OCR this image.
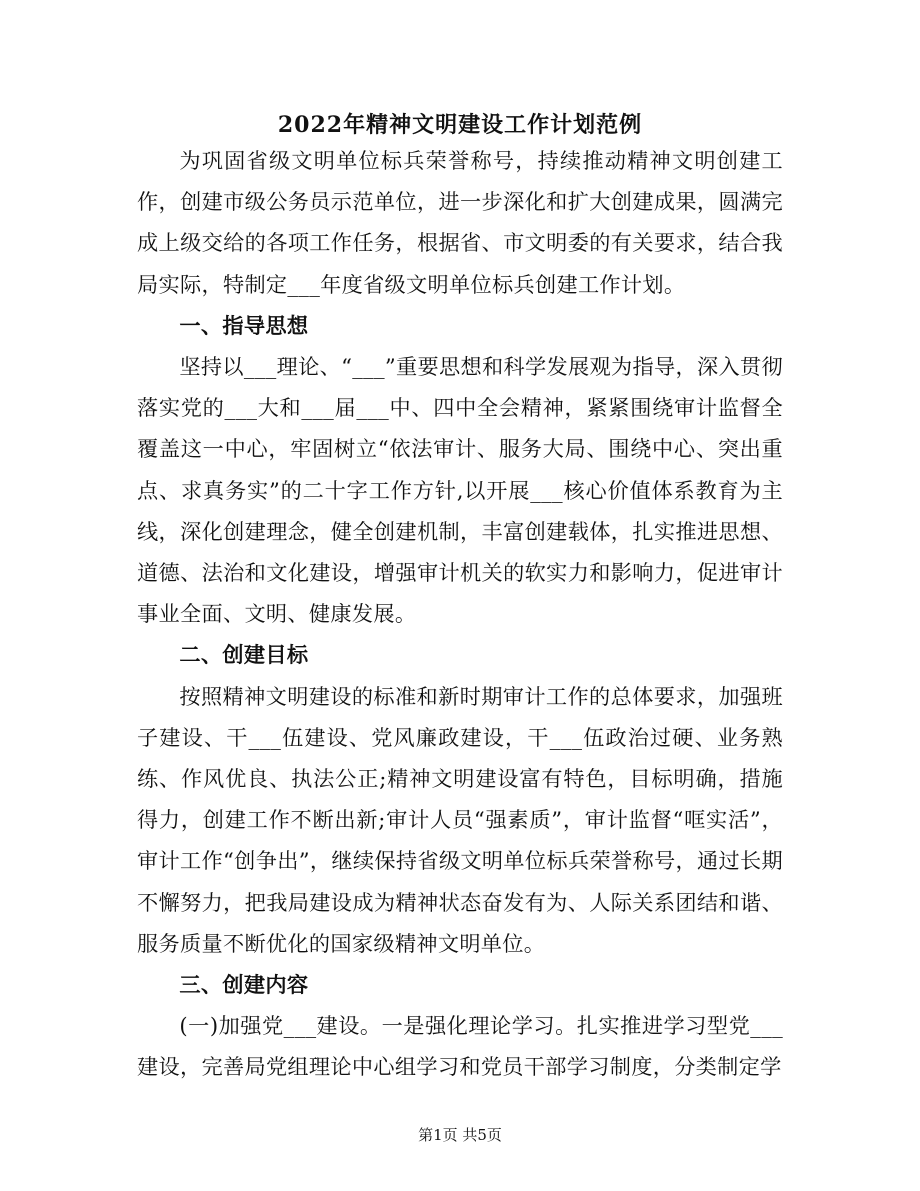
2022年精神文明建设工作计划范例

为巩固省级文明单位标兵荣誉称号，持续推动精神文明创建工作，创建市级公务员示范单位，进一步深化和扩大创建成果，圆满完成上级交给的各项工作任务，根据省、市文明委的有关要求，结合我局实际，特制定___年度省级文明单位标兵创建工作计划。

一、指导思想

坚持以___理论、“___”重要思想和科学发展观为指导，深入贯彻落实党的___大和___届___中、四中全会精神，紧紧围绕审计监督全覆盖这一中心，牢固树立“依法审计、服务大局、围绕中心、突出重点、求真务实”的二十字工作方针,以开展___核心价值体系教育为主线，深化创建理念，健全创建机制，丰富创建载体，扎实推进思想、道德、法治和文化建设，增强审计机关的软实力和影响力，促进审计事业全面、文明、健康发展。

二、创建目标

按照精神文明建设的标准和新时期审计工作的总体要求，加强班子建设、干___伍建设、党风廉政建设，干___伍政治过硬、业务熟练、作风优良、执法公正;精神文明建设富有特色，目标明确，措施得力，创建工作不断出新;审计人员“强素质”，审计监督“哐实活”，审计工作“创争出”，继续保持省级文明单位标兵荣誉称号，通过长期不懈努力，把我局建设成为精神状态奋发有为、人际关系团结和谐、服务质量不断优化的国家级精神文明单位。

三、创建内容

(一)加强党___建设。一是强化理论学习。扎实推进学习型党___建设，完善局党组理论中心组学习和党员干部学习制度，分类制定学

第1页 共5页
